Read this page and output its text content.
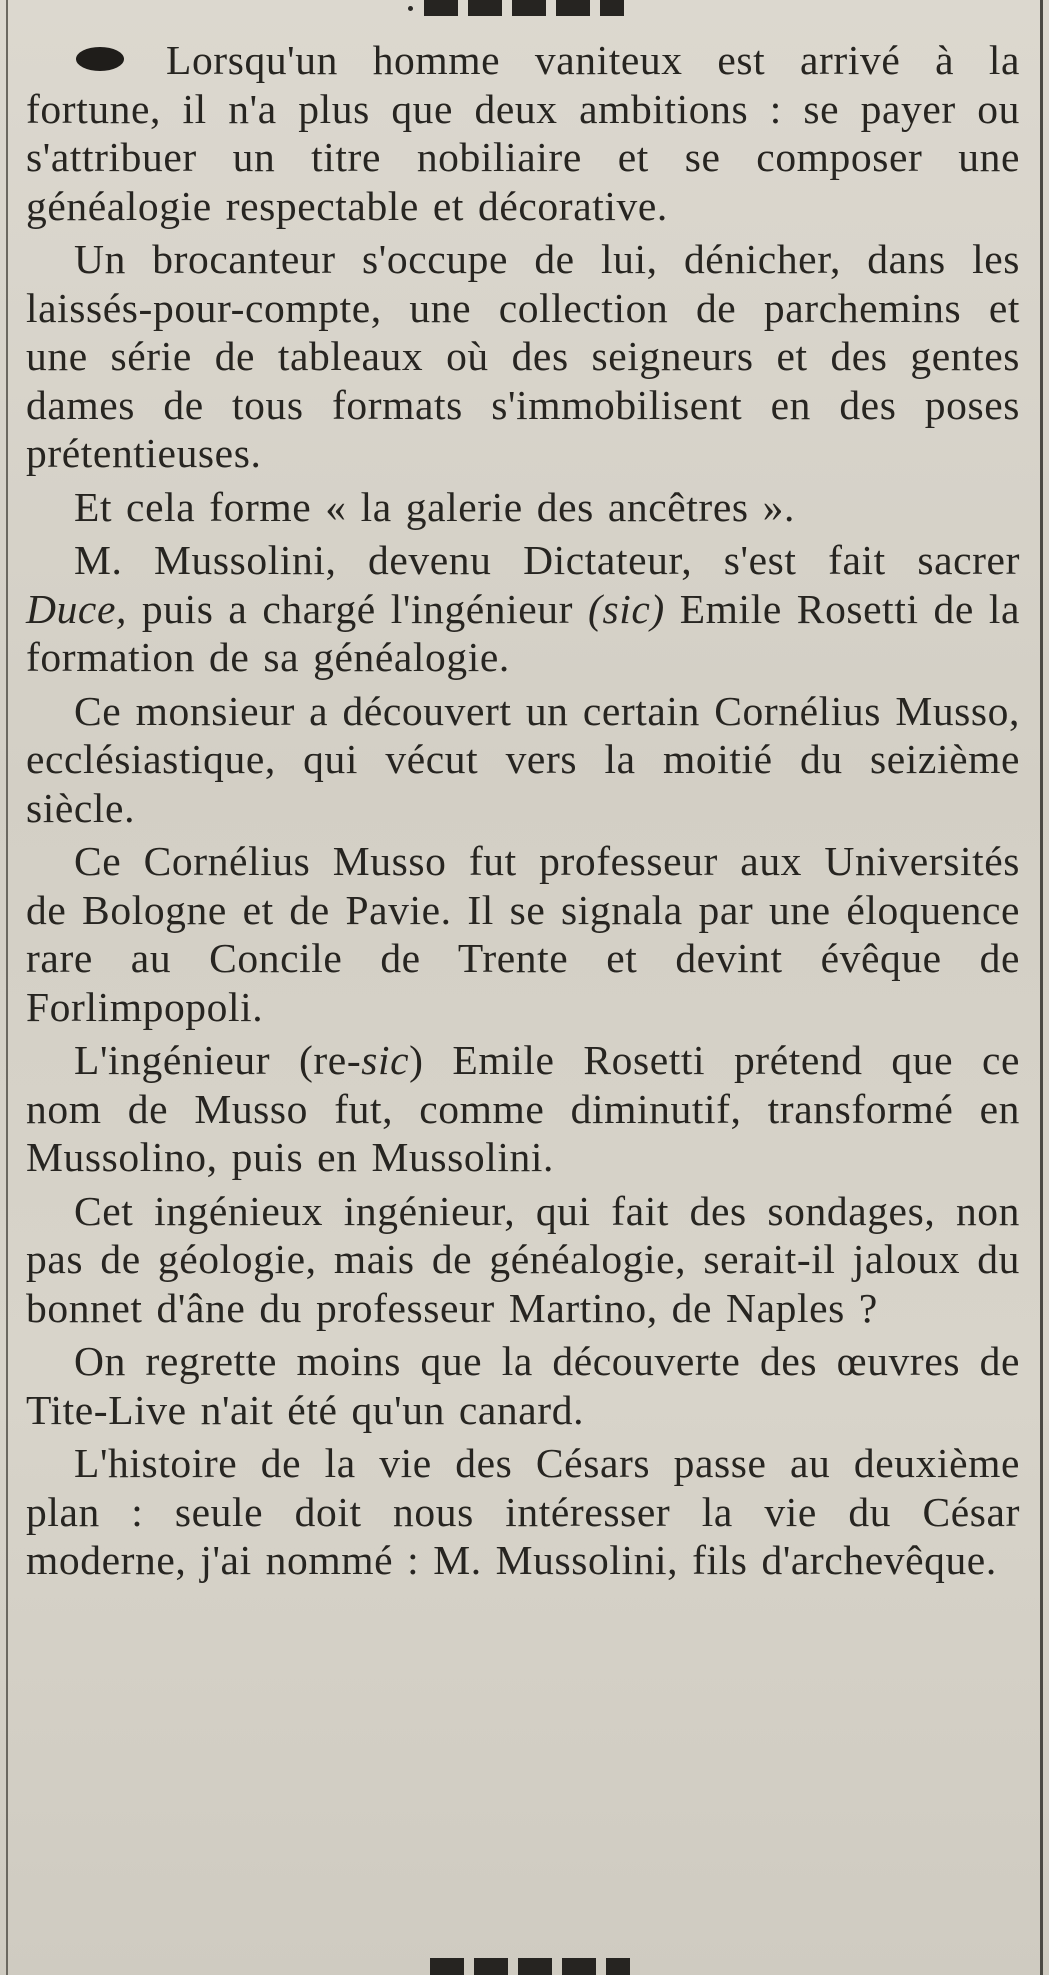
Lorsqu'un homme vaniteux est arrivé à la fortune, il n'a plus que deux ambitions : se payer ou s'attribuer un titre nobiliaire et se composer une généalogie respectable et décorative.

Un brocanteur s'occupe de lui, dénicher, dans les laissés-pour-compte, une collection de parchemins et une série de tableaux où des seigneurs et des gentes dames de tous formats s'immobilisent en des poses prétentieuses.

Et cela forme « la galerie des ancêtres ».

M. Mussolini, devenu Dictateur, s'est fait sacrer Duce, puis a chargé l'ingénieur (sic) Emile Rosetti de la formation de sa généalogie.

Ce monsieur a découvert un certain Cornélius Musso, ecclésiastique, qui vécut vers la moitié du seizième siècle.

Ce Cornélius Musso fut professeur aux Universités de Bologne et de Pavie. Il se signala par une éloquence rare au Concile de Trente et devint évêque de Forlimpopoli.

L'ingénieur (re-sic) Emile Rosetti prétend que ce nom de Musso fut, comme diminutif, transformé en Mussolino, puis en Mussolini.

Cet ingénieux ingénieur, qui fait des sondages, non pas de géologie, mais de généalogie, serait-il jaloux du bonnet d'âne du professeur Martino, de Naples ?

On regrette moins que la découverte des œuvres de Tite-Live n'ait été qu'un canard.

L'histoire de la vie des Césars passe au deuxième plan : seule doit nous intéresser la vie du César moderne, j'ai nommé : M. Mussolini, fils d'archevêque.
